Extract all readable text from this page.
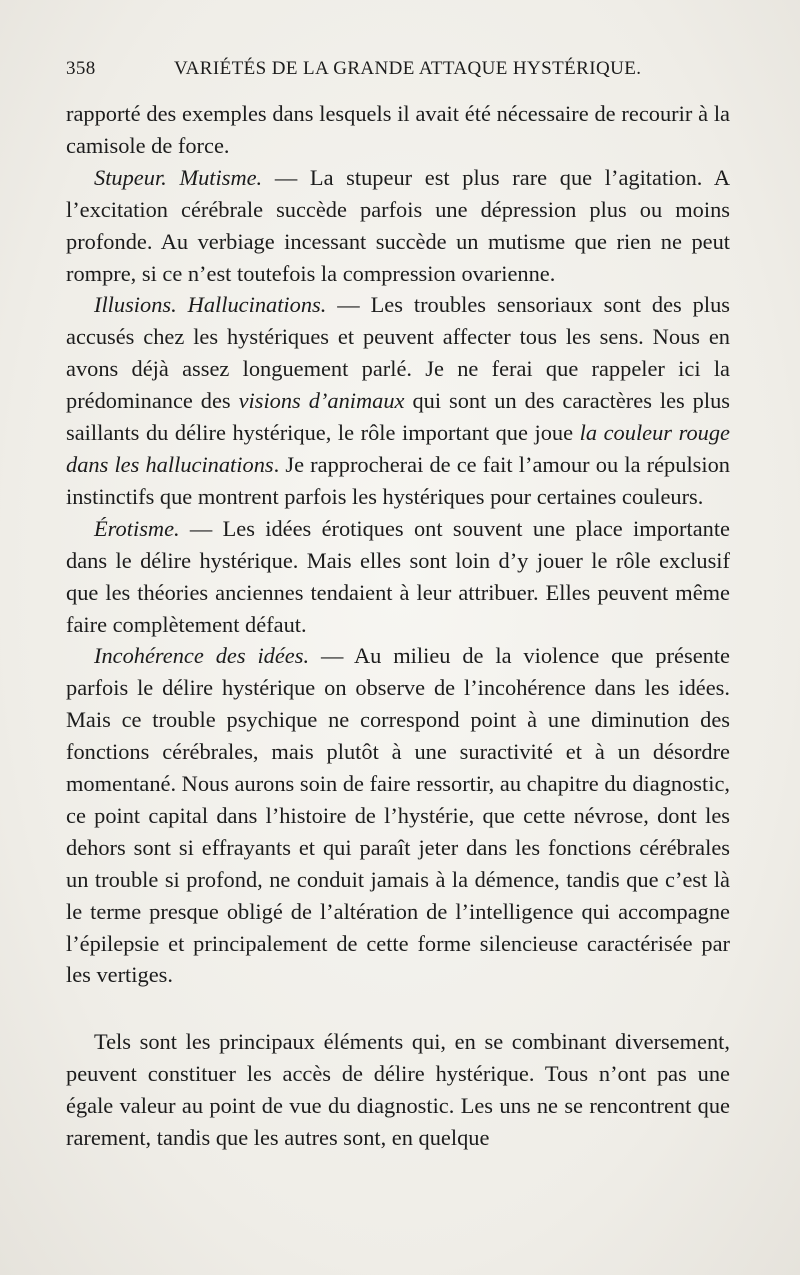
358	VARIÉTÉS DE LA GRANDE ATTAQUE HYSTÉRIQUE.

rapporté des exemples dans lesquels il avait été nécessaire de recourir à la camisole de force.

Stupeur. Mutisme. — La stupeur est plus rare que l’agitation. A l’excitation cérébrale succède parfois une dépression plus ou moins profonde. Au verbiage incessant succède un mutisme que rien ne peut rompre, si ce n’est toutefois la compression ovarienne.

Illusions. Hallucinations. — Les troubles sensoriaux sont des plus accusés chez les hystériques et peuvent affecter tous les sens. Nous en avons déjà assez longuement parlé. Je ne ferai que rappeler ici la prédominance des visions d’animaux qui sont un des caractères les plus saillants du délire hystérique, le rôle important que joue la couleur rouge dans les hallucinations. Je rapprocherai de ce fait l’amour ou la répulsion instinctifs que montrent parfois les hystériques pour certaines couleurs.

Érotisme. — Les idées érotiques ont souvent une place importante dans le délire hystérique. Mais elles sont loin d’y jouer le rôle exclusif que les théories anciennes tendaient à leur attribuer. Elles peuvent même faire complètement défaut.

Incohérence des idées. — Au milieu de la violence que présente parfois le délire hystérique on observe de l’incohérence dans les idées. Mais ce trouble psychique ne correspond point à une diminution des fonctions cérébrales, mais plutôt à une suractivité et à un désordre momentané. Nous aurons soin de faire ressortir, au chapitre du diagnostic, ce point capital dans l’histoire de l’hystérie, que cette névrose, dont les dehors sont si effrayants et qui paraît jeter dans les fonctions cérébrales un trouble si profond, ne conduit jamais à la démence, tandis que c’est là le terme presque obligé de l’altération de l’intelligence qui accompagne l’épilepsie et principalement de cette forme silencieuse caractérisée par les vertiges.

Tels sont les principaux éléments qui, en se combinant diversement, peuvent constituer les accès de délire hystérique. Tous n’ont pas une égale valeur au point de vue du diagnostic. Les uns ne se rencontrent que rarement, tandis que les autres sont, en quelque
